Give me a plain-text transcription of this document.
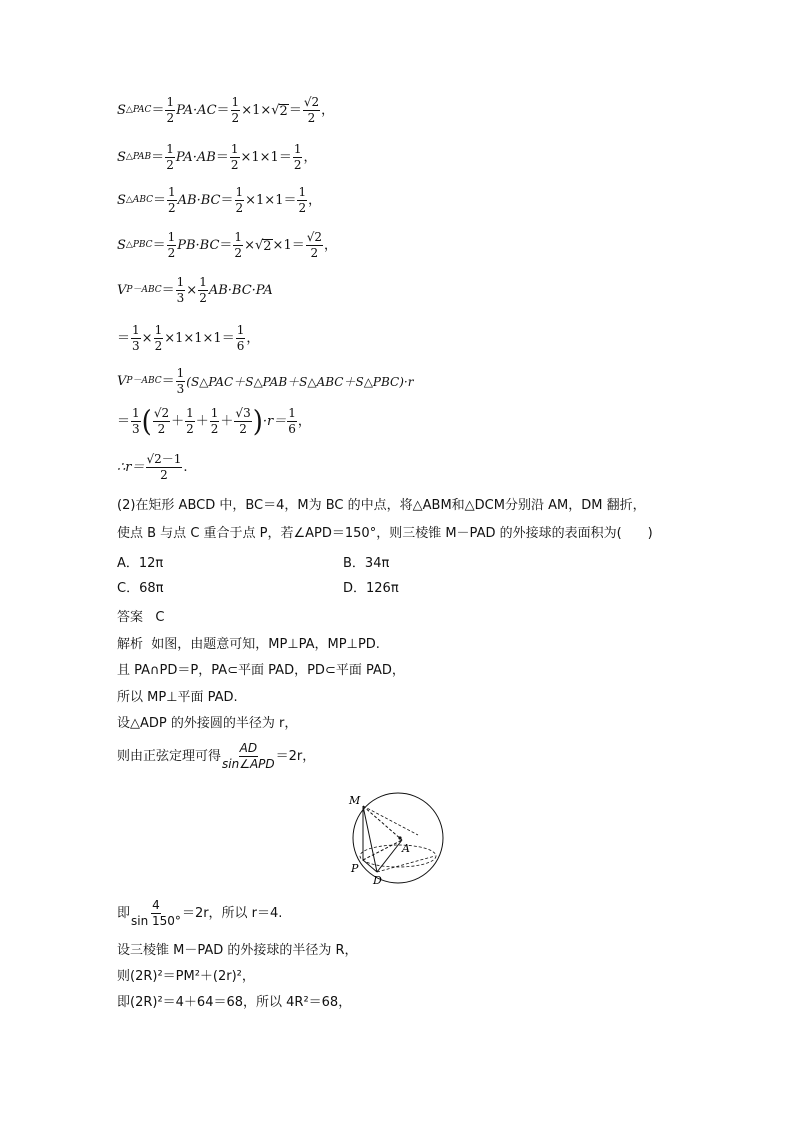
S △PAC ＝ $\frac{1}{2} PA\cdot AC = \frac{1}{2} \times 1\times$ √ $2 = \frac{√2}{2}$ ，
S △PAB ＝ $\frac{1}{2} PA\cdot AB = \frac{1}{2} \times 1\times 1 = \frac{1}{2}$ ，
S △ABC ＝ $\frac{1}{2} AB\cdot BC = \frac{1}{2} \times 1\times 1 = \frac{1}{2}$ ，
S △PBC ＝ $\frac{1}{2} PB\cdot BC = \frac{1}{2}$ × √ $2 \times 1 = \frac{√2}{2}$ ，
V $P-ABC = \frac{1}{3} \times \frac{1}{2} AB\cdot BC\cdot PA$
＝ $\frac{1}{3} \times \frac{1}{2} \times 1\times 1\times 1 = \frac{1}{6}$ ，
V $P-ABC = \frac{1}{3}$ (S△PAC＋S△PAB＋S△ABC＋S△PBC)·r
＝ $\frac{1}{3}$ ( $\frac{√2}{2} + \frac{1}{2} + \frac{1}{2} + \frac{√3}{2}$ ) $\cdot r= \frac{1}{6}$ ，
∴r＝ $\frac{√2-1}{2}$ .
(2)在矩形 ABCD 中，BC＝4，M为 BC 的中点，将△ABM和△DCM分别沿 AM，DM 翻折，
使点 B 与点 C 重合于点 P，若∠APD＝150°，则三棱锥 M－PAD 的外接球的表面积为(　　)
A．12π	B．34π
C．68π	D．126π
答案 C
解析 如图，由题意可知，MP⊥PA，MP⊥PD.
且 PA∩PD＝P，PA⊂平面 PAD，PD⊂平面 PAD，
所以 MP⊥平面 PAD.
设△ADP 的外接圆的半径为 r，
则由正弦定理可得 $\frac{AD}{\text{sin∠APD}} =2r$，
M
A
P
D
即 $\frac{4}{\sin 150^\circ} =2r$，所以 r＝4.
设三棱锥 M－PAD 的外接球的半径为 R，
则(2R)²＝PM²＋(2r)²，
即(2R)²＝4＋64＝68，所以 4R²＝68，
